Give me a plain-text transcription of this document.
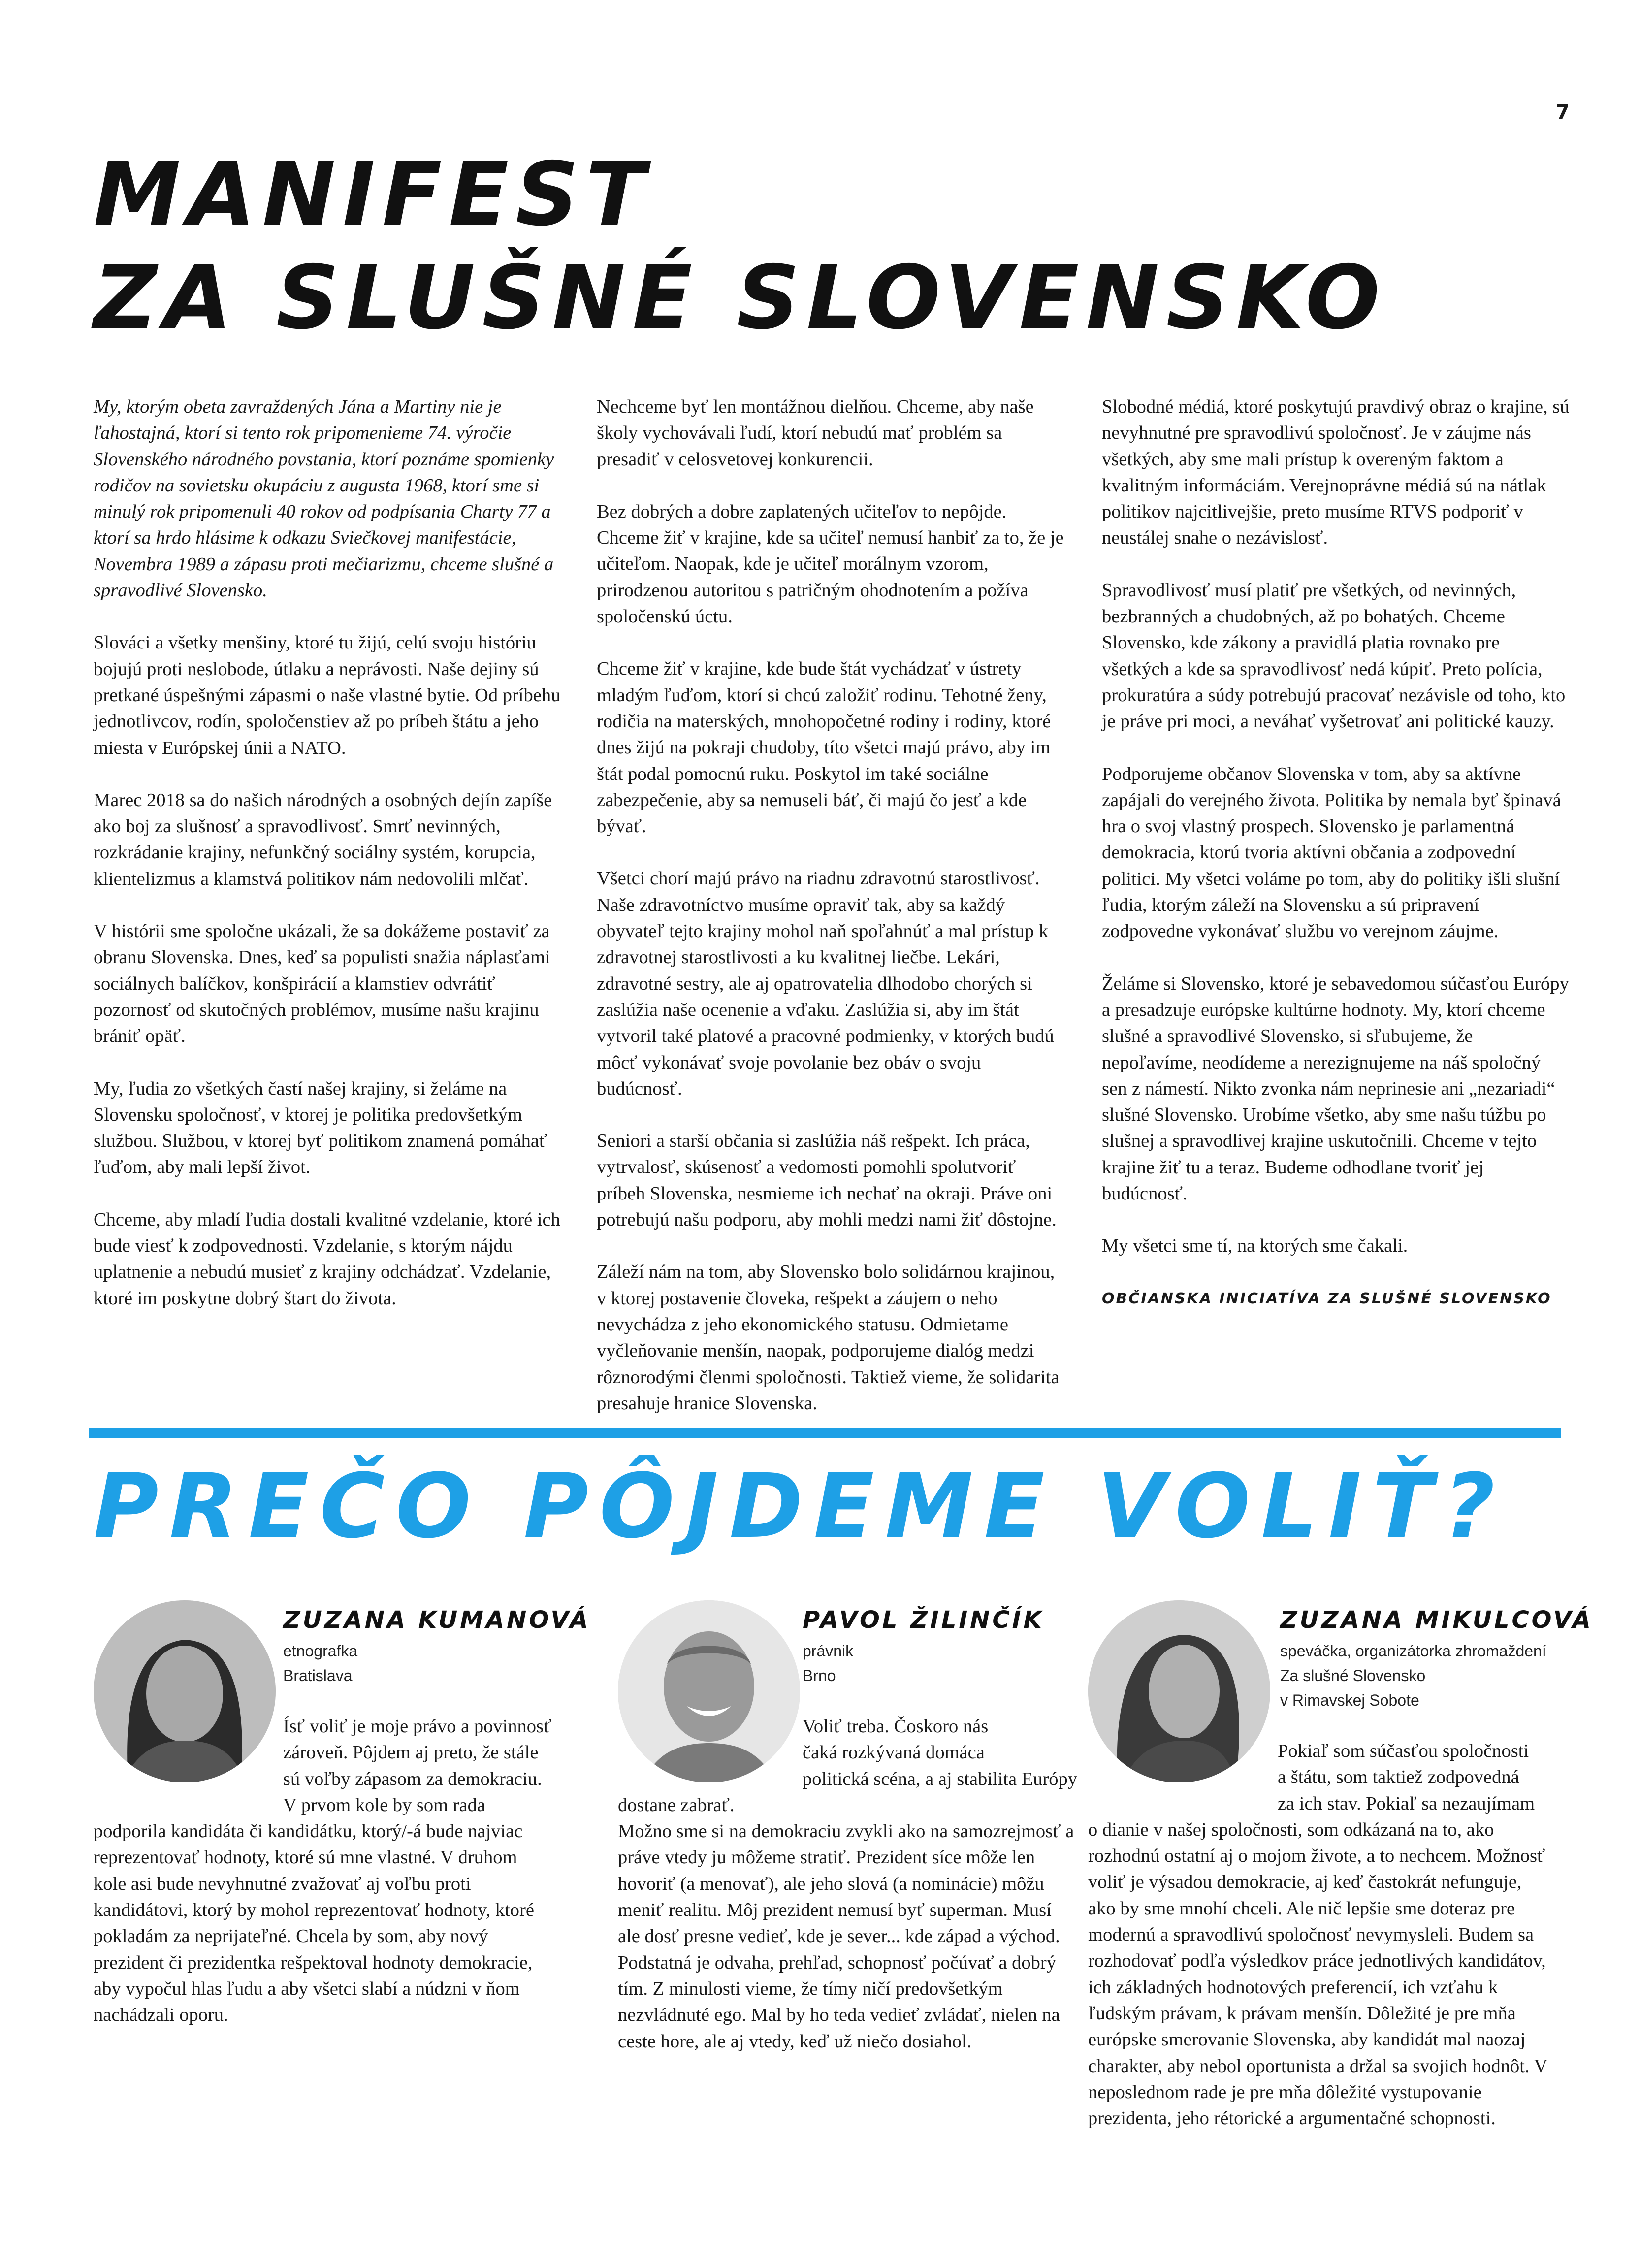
7
MANIFEST
ZA SLUŠNÉ SLOVENSKO

My, ktorým obeta zavraždených Jána a Martiny nie je ľahostajná, ktorí si tento rok pripomenieme 74. výročie Slovenského národného povstania, ktorí poznáme spomienky rodičov na sovietsku okupáciu z augusta 1968, ktorí sme si minulý rok pripomenuli 40 rokov od podpísania Charty 77 a ktorí sa hrdo hlásime k odkazu Sviečkovej manifestácie, Novembra 1989 a zápasu proti mečiarizmu, chceme slušné a spravodlivé Slovensko.

Slováci a všetky menšiny, ktoré tu žijú, celú svoju históriu bojujú proti neslobode, útlaku a neprávosti. Naše dejiny sú pretkané úspešnými zápasmi o naše vlastné bytie. Od príbehu jednotlivcov, rodín, spoločenstiev až po príbeh štátu a jeho miesta v Európskej únii a NATO.

Marec 2018 sa do našich národných a osobných dejín zapíše ako boj za slušnosť a spravodlivosť. Smrť nevinných, rozkrádanie krajiny, nefunkčný sociálny systém, korupcia, klientelizmus a klamstvá politikov nám nedovolili mlčať.

V histórii sme spoločne ukázali, že sa dokážeme postaviť za obranu Slovenska. Dnes, keď sa populisti snažia náplasťami sociálnych balíčkov, konšpirácií a klamstiev odvrátiť pozornosť od skutočných problémov, musíme našu krajinu brániť opäť.

My, ľudia zo všetkých častí našej krajiny, si želáme na Slovensku spoločnosť, v ktorej je politika predovšetkým službou. Službou, v ktorej byť politikom znamená pomáhať ľuďom, aby mali lepší život.

Chceme, aby mladí ľudia dostali kvalitné vzdelanie, ktoré ich bude viesť k zodpovednosti. Vzdelanie, s ktorým nájdu uplatnenie a nebudú musieť z krajiny odchádzať. Vzdelanie, ktoré im poskytne dobrý štart do života.

Nechceme byť len montážnou dielňou. Chceme, aby naše školy vychovávali ľudí, ktorí nebudú mať problém sa presadiť v celosvetovej konkurencii.

Bez dobrých a dobre zaplatených učiteľov to nepôjde. Chceme žiť v krajine, kde sa učiteľ nemusí hanbiť za to, že je učiteľom. Naopak, kde je učiteľ morálnym vzorom, prirodzenou autoritou s patričným ohodnotením a požíva spoločenskú úctu.

Chceme žiť v krajine, kde bude štát vychádzať v ústrety mladým ľuďom, ktorí si chcú založiť rodinu. Tehotné ženy, rodičia na materských, mnohopočetné rodiny i rodiny, ktoré dnes žijú na pokraji chudoby, títo všetci majú právo, aby im štát podal pomocnú ruku. Poskytol im také sociálne zabezpečenie, aby sa nemuseli báť, či majú čo jesť a kde bývať.

Všetci chorí majú právo na riadnu zdravotnú starostlivosť. Naše zdravotníctvo musíme opraviť tak, aby sa každý obyvateľ tejto krajiny mohol naň spoľahnúť a mal prístup k zdravotnej starostlivosti a ku kvalitnej liečbe. Lekári, zdravotné sestry, ale aj opatrovatelia dlhodobo chorých si zaslúžia naše ocenenie a vďaku. Zaslúžia si, aby im štát vytvoril také platové a pracovné podmienky, v ktorých budú môcť vykonávať svoje povolanie bez obáv o svoju budúcnosť.

Seniori a starší občania si zaslúžia náš rešpekt. Ich práca, vytrvalosť, skúsenosť a vedomosti pomohli spolutvoriť príbeh Slovenska, nesmieme ich nechať na okraji. Práve oni potrebujú našu podporu, aby mohli medzi nami žiť dôstojne.

Záleží nám na tom, aby Slovensko bolo solidárnou krajinou, v ktorej postavenie človeka, rešpekt a záujem o neho nevychádza z jeho ekonomického statusu. Odmietame vyčleňovanie menšín, naopak, podporujeme dialóg medzi rôznorodými členmi spoločnosti. Taktiež vieme, že solidarita presahuje hranice Slovenska.

Slobodné médiá, ktoré poskytujú pravdivý obraz o krajine, sú nevyhnutné pre spravodlivú spoločnosť. Je v záujme nás všetkých, aby sme mali prístup k overeným faktom a kvalitným informáciám. Verejnoprávne médiá sú na nátlak politikov najcitlivejšie, preto musíme RTVS podporiť v neustálej snahe o nezávislosť.

Spravodlivosť musí platiť pre všetkých, od nevinných, bezbranných a chudobných, až po bohatých. Chceme Slovensko, kde zákony a pravidlá platia rovnako pre všetkých a kde sa spravodlivosť nedá kúpiť. Preto polícia, prokuratúra a súdy potrebujú pracovať nezávisle od toho, kto je práve pri moci, a neváhať vyšetrovať ani politické kauzy.

Podporujeme občanov Slovenska v tom, aby sa aktívne zapájali do verejného života. Politika by nemala byť špinavá hra o svoj vlastný prospech. Slovensko je parlamentná demokracia, ktorú tvoria aktívni občania a zodpovední politici. My všetci voláme po tom, aby do politiky išli slušní ľudia, ktorým záleží na Slovensku a sú pripravení zodpovedne vykonávať službu vo verejnom záujme.

Želáme si Slovensko, ktoré je sebavedomou súčasťou Európy a presadzuje európske kultúrne hodnoty. My, ktorí chceme slušné a spravodlivé Slovensko, si sľubujeme, že nepoľavíme, neodídeme a nerezignujeme na náš spoločný sen z námestí. Nikto zvonka nám neprinesie ani „nezariadi“ slušné Slovensko. Urobíme všetko, aby sme našu túžbu po slušnej a spravodlivej krajine uskutočnili. Chceme v tejto krajine žiť tu a teraz. Budeme odhodlane tvoriť jej budúcnosť.

My všetci sme tí, na ktorých sme čakali.

OBČIANSKA INICIATÍVA ZA SLUŠNÉ SLOVENSKO
PREČO PÔJDEME VOLIŤ?
ZUZANA KUMANOVÁ
etnografka
Bratislava
Ísť voliť je moje právo a povinnosť
zároveň. Pôjdem aj preto, že stále
sú voľby zápasom za demokraciu.
V prvom kole by som rada podporila kandidáta či kandidátku, ktorý/-á bude najviac reprezentovať hodnoty, ktoré sú mne vlastné. V druhom kole asi bude nevyhnutné zvažovať aj voľbu proti kandidátovi, ktorý by mohol reprezentovať hodnoty, ktoré pokladám za neprijateľné. Chcela by som, aby nový prezident či prezidentka rešpektoval hodnoty demokracie, aby vypočul hlas ľudu a aby všetci slabí a núdzni v ňom nachádzali oporu.
PAVOL ŽILINČÍK
právnik
Brno
Voliť treba. Čoskoro nás
čaká rozkývaná domáca
politická scéna, a aj stabilita Európy dostane zabrať.
Možno sme si na demokraciu zvykli ako na samozrejmosť a práve vtedy ju môžeme stratiť. Prezident síce môže len hovoriť (a menovať), ale jeho slová (a nominácie) môžu meniť realitu. Môj prezident nemusí byť superman. Musí ale dosť presne vedieť, kde je sever... kde západ a východ. Podstatná je odvaha, prehľad, schopnosť počúvať a dobrý tím. Z minulosti vieme, že tímy ničí predovšetkým nezvládnuté ego. Mal by ho teda vedieť zvládať, nielen na ceste hore, ale aj vtedy, keď už niečo dosiahol.
ZUZANA MIKULCOVÁ
speváčka, organizátorka zhromaždení
Za slušné Slovensko
v Rimavskej Sobote
Pokiaľ som súčasťou spoločnosti
a štátu, som taktiež zodpovedná
za ich stav. Pokiaľ sa nezaujímam
o dianie v našej spoločnosti, som odkázaná na to, ako rozhodnú ostatní aj o mojom živote, a to nechcem. Možnosť voliť je výsadou demokracie, aj keď častokrát nefunguje, ako by sme mnohí chceli. Ale nič lepšie sme doteraz pre modernú a spravodlivú spoločnosť nevymysleli. Budem sa rozhodovať podľa výsledkov práce jednotlivých kandidátov, ich základných hodnotových preferencií, ich vzťahu k ľudským právam, k právam menšín. Dôležité je pre mňa európske smerovanie Slovenska, aby kandidát mal naozaj charakter, aby nebol oportunista a držal sa svojich hodnôt. V neposlednom rade je pre mňa dôležité vystupovanie prezidenta, jeho rétorické a argumentačné schopnosti.
